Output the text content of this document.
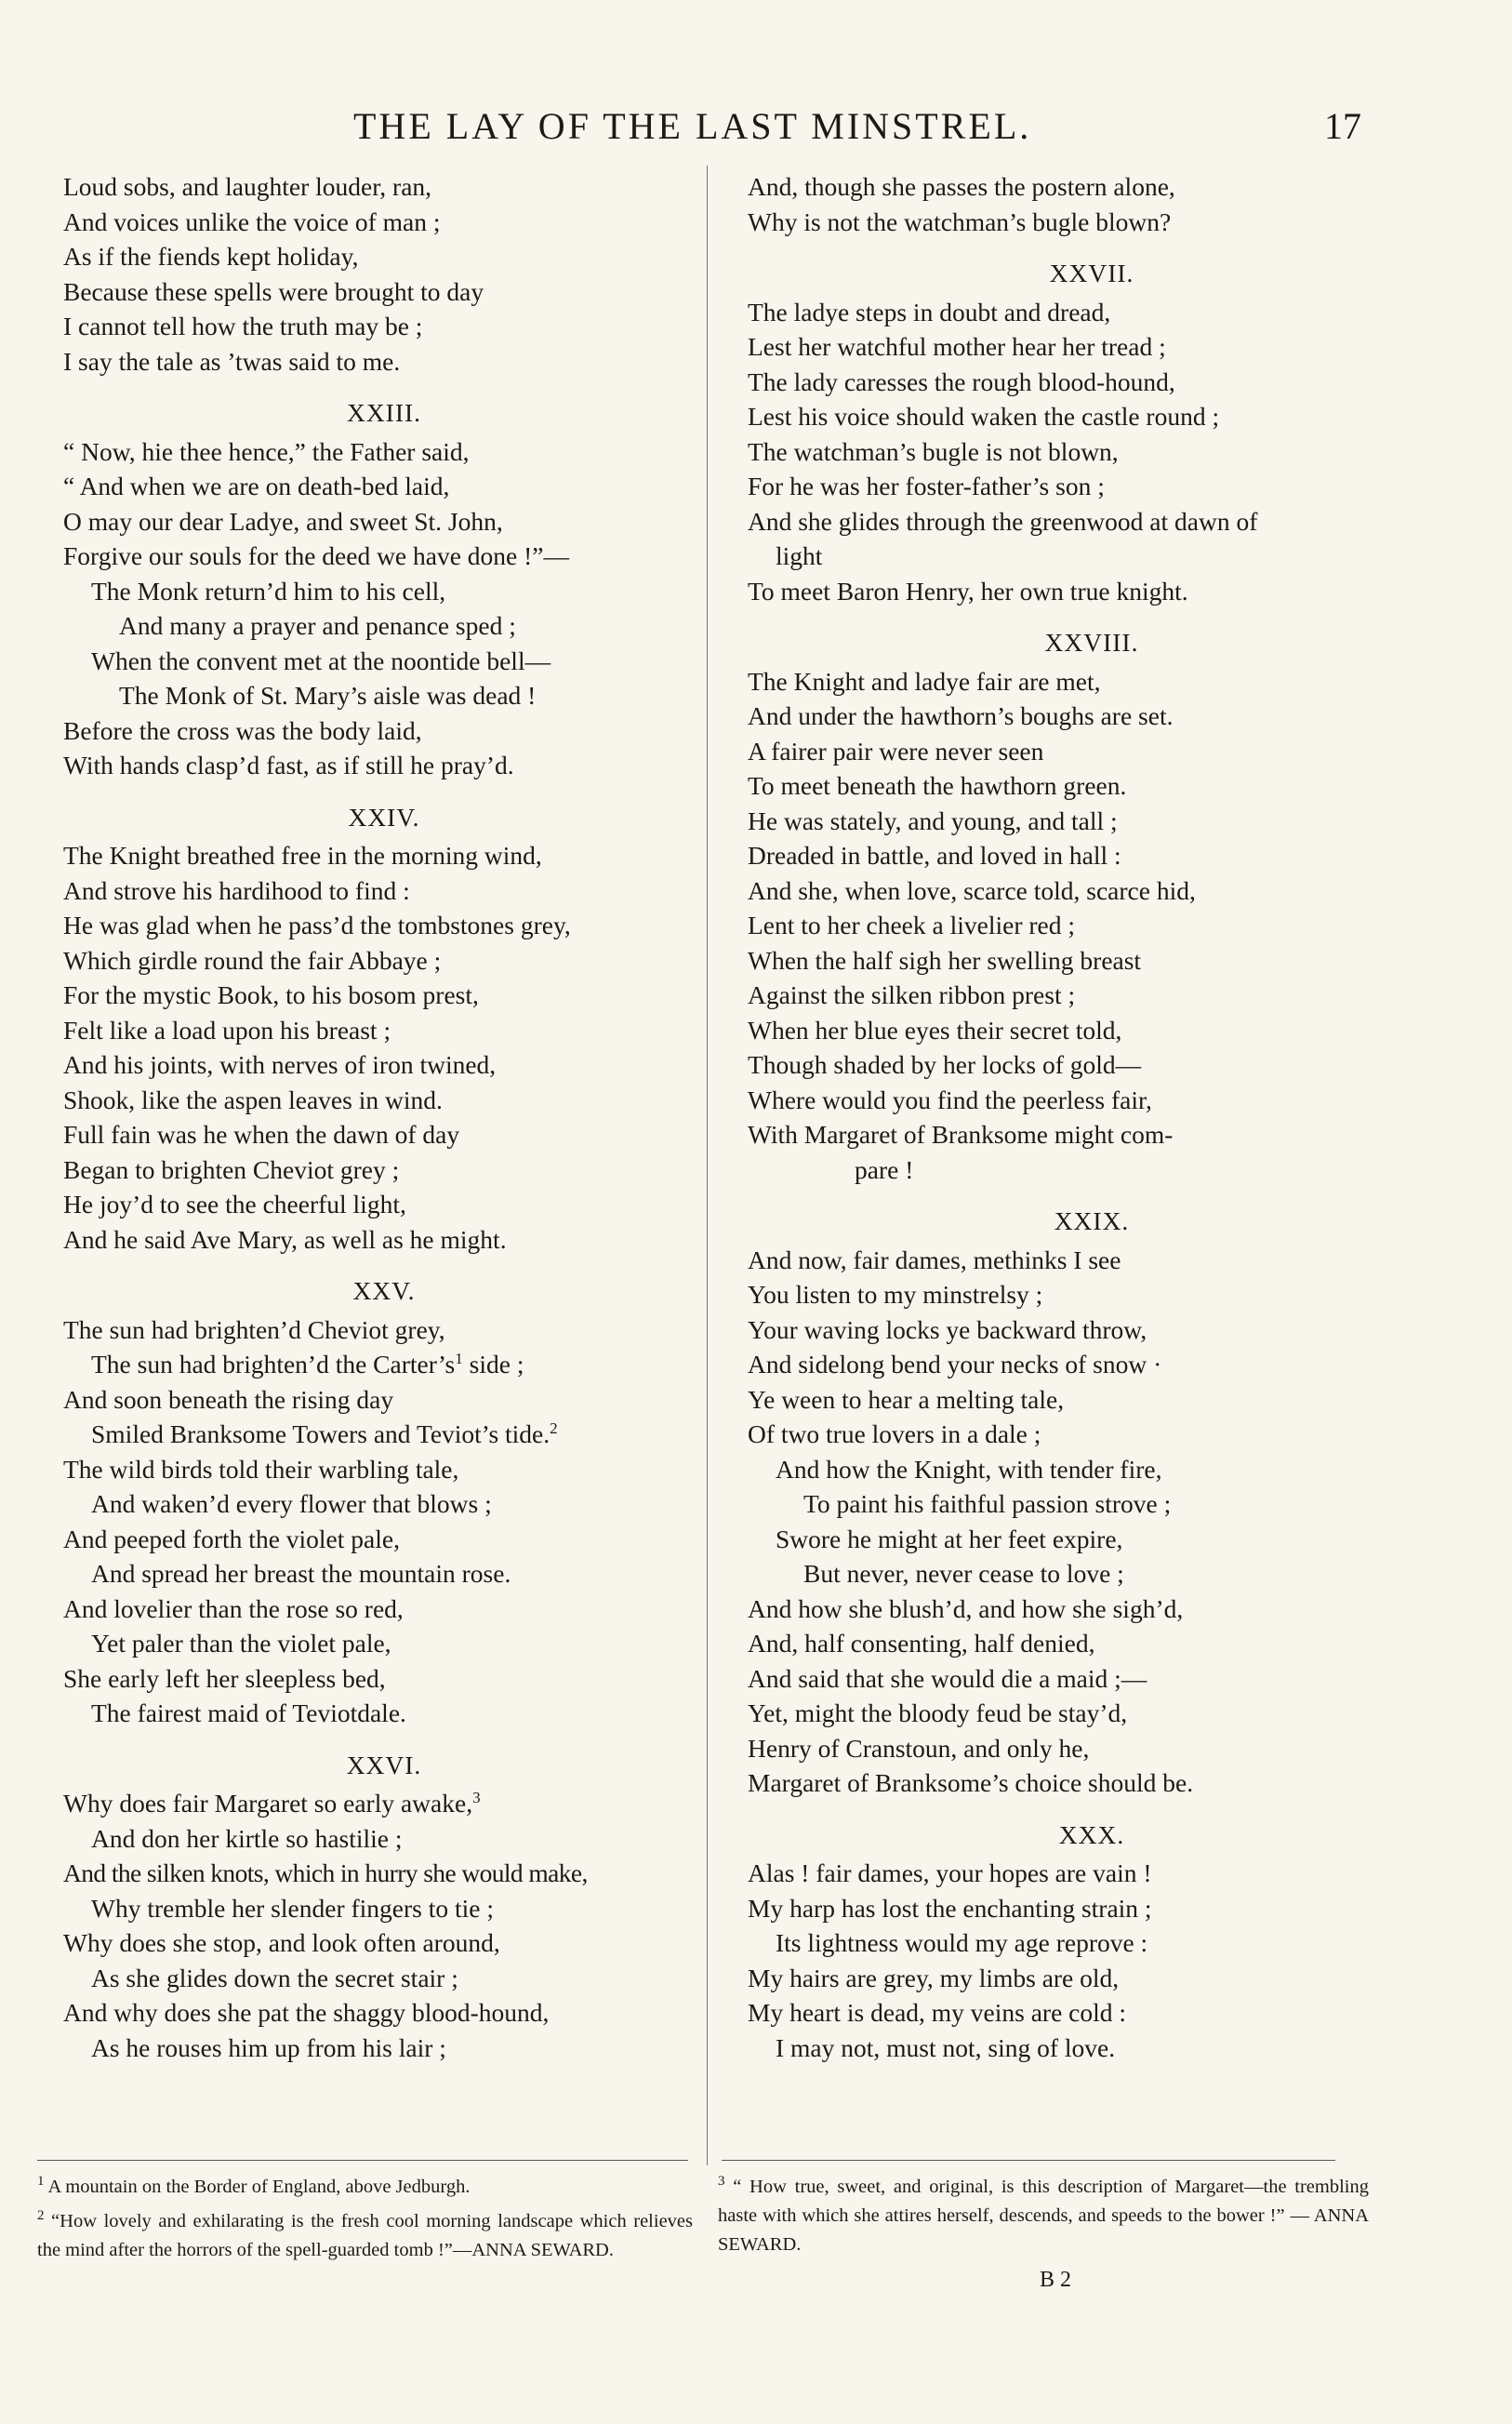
THE LAY OF THE LAST MINSTREL.	17
Loud sobs, and laughter louder, ran,
And voices unlike the voice of man ;
As if the fiends kept holiday,
Because these spells were brought to day
I cannot tell how the truth may be ;
I say the tale as ’twas said to me.
XXIII.
“ Now, hie thee hence,” the Father said,
“ And when we are on death-bed laid,
O may our dear Ladye, and sweet St. John,
Forgive our souls for the deed we have done !”—
The Monk return’d him to his cell,
And many a prayer and penance sped ;
When the convent met at the noontide bell—
The Monk of St. Mary’s aisle was dead !
Before the cross was the body laid,
With hands clasp’d fast, as if still he pray’d.
XXIV.
The Knight breathed free in the morning wind,
And strove his hardihood to find :
He was glad when he pass’d the tombstones grey,
Which girdle round the fair Abbaye ;
For the mystic Book, to his bosom prest,
Felt like a load upon his breast ;
And his joints, with nerves of iron twined,
Shook, like the aspen leaves in wind.
Full fain was he when the dawn of day
Began to brighten Cheviot grey ;
He joy’d to see the cheerful light,
And he said Ave Mary, as well as he might.
XXV.
The sun had brighten’d Cheviot grey,
The sun had brighten’d the Carter’s$^1$ side ;
And soon beneath the rising day
Smiled Branksome Towers and Teviot’s tide.$^2$
The wild birds told their warbling tale,
And waken’d every flower that blows ;
And peeped forth the violet pale,
And spread her breast the mountain rose.
And lovelier than the rose so red,
Yet paler than the violet pale,
She early left her sleepless bed,
The fairest maid of Teviotdale.
XXVI.
Why does fair Margaret so early awake,$^3$
And don her kirtle so hastilie ;
And the silken knots, which in hurry she would make,
Why tremble her slender fingers to tie ;
Why does she stop, and look often around,
As she glides down the secret stair ;
And why does she pat the shaggy blood-hound,
As he rouses him up from his lair ;
And, though she passes the postern alone,
Why is not the watchman’s bugle blown?
XXVII.
The ladye steps in doubt and dread,
Lest her watchful mother hear her tread ;
The lady caresses the rough blood-hound,
Lest his voice should waken the castle round ;
The watchman’s bugle is not blown,
For he was her foster-father’s son ;
And she glides through the greenwood at dawn of
light
To meet Baron Henry, her own true knight.
XXVIII.
The Knight and ladye fair are met,
And under the hawthorn’s boughs are set.
A fairer pair were never seen
To meet beneath the hawthorn green.
He was stately, and young, and tall ;
Dreaded in battle, and loved in hall :
And she, when love, scarce told, scarce hid,
Lent to her cheek a livelier red ;
When the half sigh her swelling breast
Against the silken ribbon prest ;
When her blue eyes their secret told,
Though shaded by her locks of gold—
Where would you find the peerless fair,
With Margaret of Branksome might com-
pare !
XXIX.
And now, fair dames, methinks I see
You listen to my minstrelsy ;
Your waving locks ye backward throw,
And sidelong bend your necks of snow ·
Ye ween to hear a melting tale,
Of two true lovers in a dale ;
And how the Knight, with tender fire,
To paint his faithful passion strove ;
Swore he might at her feet expire,
But never, never cease to love ;
And how she blush’d, and how she sigh’d,
And, half consenting, half denied,
And said that she would die a maid ;—
Yet, might the bloody feud be stay’d,
Henry of Cranstoun, and only he,
Margaret of Branksome’s choice should be.
XXX.
Alas ! fair dames, your hopes are vain !
My harp has lost the enchanting strain ;
Its lightness would my age reprove :
My hairs are grey, my limbs are old,
My heart is dead, my veins are cold :
I may not, must not, sing of love.

$^1$ A mountain on the Border of England, above Jedburgh.

$^2$ “How lovely and exhilarating is the fresh cool morning landscape which relieves the mind after the horrors of the spell-guarded tomb !”—ANNA SEWARD.

$^3$ “ How true, sweet, and original, is this description of Margaret—the trembling haste with which she attires herself, descends, and speeds to the bower !” — ANNA SEWARD.

B 2
